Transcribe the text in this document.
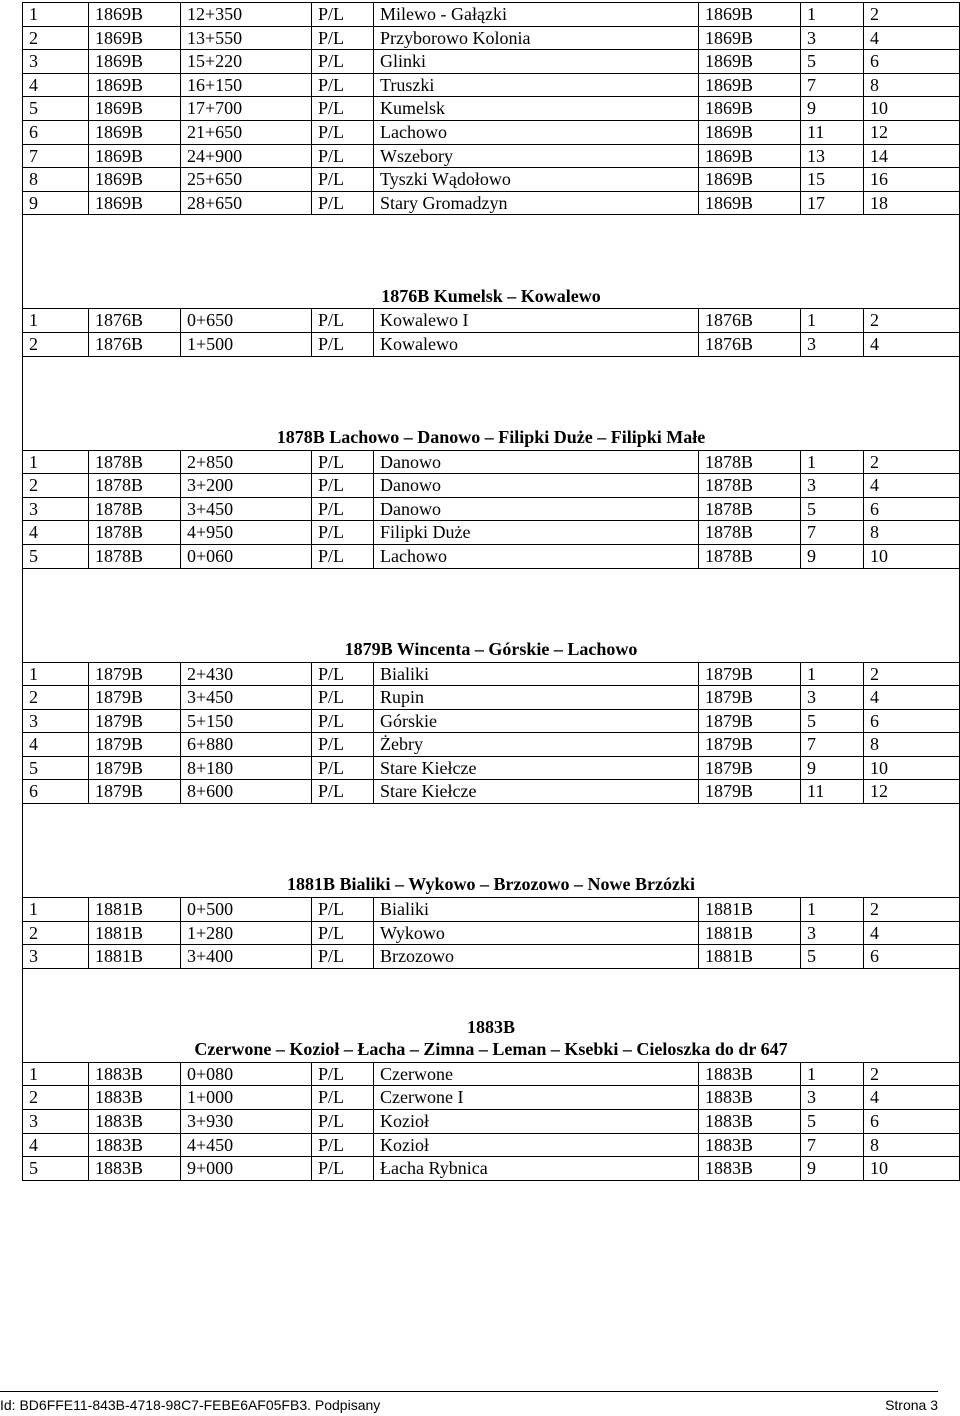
1	1869B	12+350	P/L	Milewo - Gałązki	1869B	1	2
2	1869B	13+550	P/L	Przyborowo Kolonia	1869B	3	4
3	1869B	15+220	P/L	Glinki	1869B	5	6
4	1869B	16+150	P/L	Truszki	1869B	7	8
5	1869B	17+700	P/L	Kumelsk	1869B	9	10
6	1869B	21+650	P/L	Lachowo	1869B	11	12
7	1869B	24+900	P/L	Wszebory	1869B	13	14
8	1869B	25+650	P/L	Tyszki Wądołowo	1869B	15	16
9	1869B	28+650	P/L	Stary Gromadzyn	1869B	17	18

1876B Kumelsk – Kowalewo							

1	1876B	0+650	P/L	Kowalewo I	1876B	1	2
2	1876B	1+500	P/L	Kowalewo	1876B	3	4

1878B Lachowo – Danowo – Filipki Duże – Filipki Małe							

1	1878B	2+850	P/L	Danowo	1878B	1	2
2	1878B	3+200	P/L	Danowo	1878B	3	4
3	1878B	3+450	P/L	Danowo	1878B	5	6
4	1878B	4+950	P/L	Filipki Duże	1878B	7	8
5	1878B	0+060	P/L	Lachowo	1878B	9	10

1879B Wincenta – Górskie – Lachowo							

1	1879B	2+430	P/L	Bialiki	1879B	1	2
2	1879B	3+450	P/L	Rupin	1879B	3	4
3	1879B	5+150	P/L	Górskie	1879B	5	6
4	1879B	6+880	P/L	Żebry	1879B	7	8
5	1879B	8+180	P/L	Stare Kiełcze	1879B	9	10
6	1879B	8+600	P/L	Stare Kiełcze	1879B	11	12

1881B Bialiki – Wykowo – Brzozowo – Nowe Brzózki							

1	1881B	0+500	P/L	Bialiki	1881B	1	2
2	1881B	1+280	P/L	Wykowo	1881B	3	4
3	1881B	3+400	P/L	Brzozowo	1881B	5	6

1883B
Czerwone – Kozioł – Łacha – Zimna – Leman – Ksebki – Cieloszka do dr 647							

1	1883B	0+080	P/L	Czerwone	1883B	1	2
2	1883B	1+000	P/L	Czerwone I	1883B	3	4
3	1883B	3+930	P/L	Kozioł	1883B	5	6
4	1883B	4+450	P/L	Kozioł	1883B	7	8
5	1883B	9+000	P/L	Łacha Rybnica	1883B	9	10
Id: BD6FFE11-843B-4718-98C7-FEBE6AF05FB3. Podpisany	Strona 3
